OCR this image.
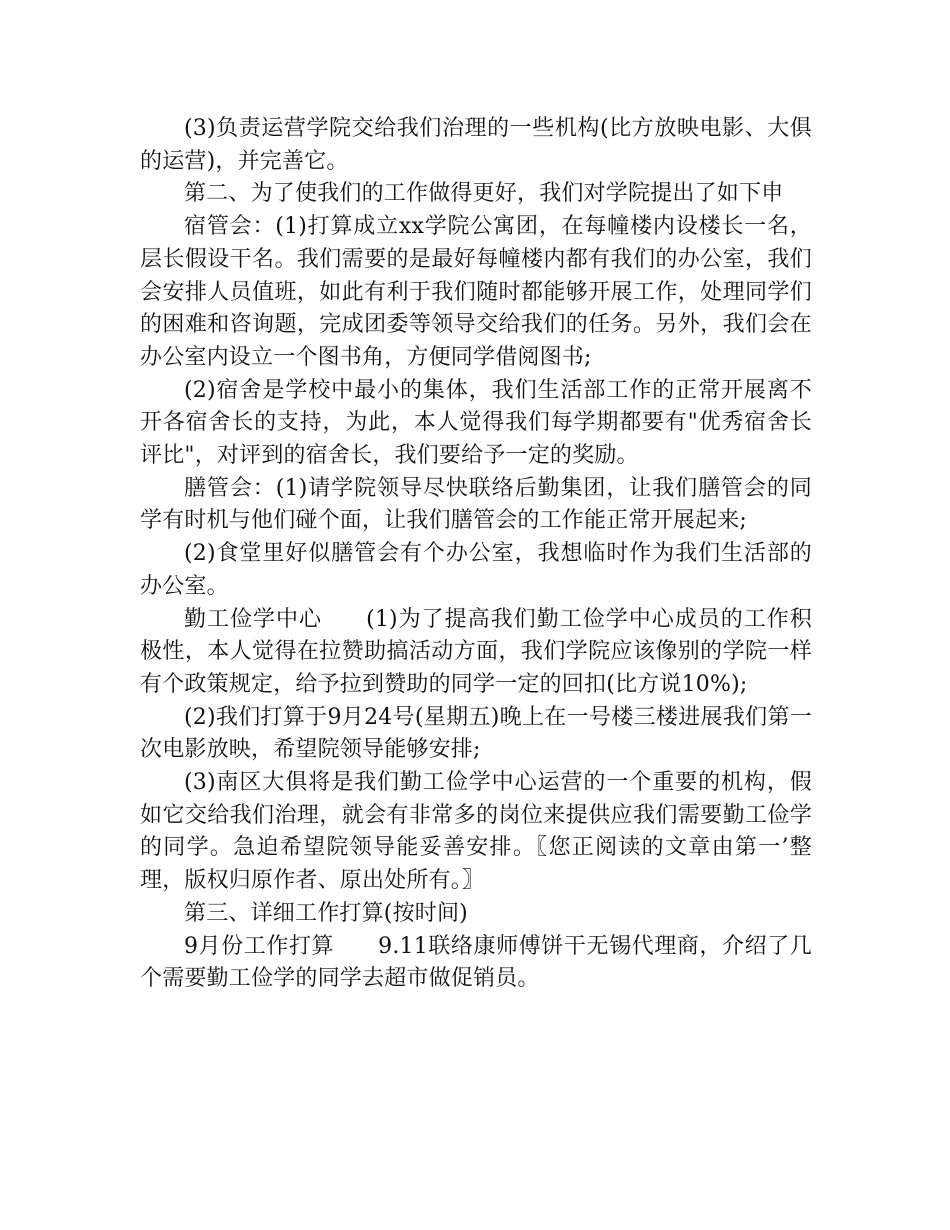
(3)负责运营学院交给我们治理的一些机构(比方放映电影、大俱的运营)，并完善它。

第二、为了使我们的工作做得更好，我们对学院提出了如下申

宿管会：(1)打算成立xx学院公寓团，在每幢楼内设楼长一名，层长假设干名。我们需要的是最好每幢楼内都有我们的办公室，我们会安排人员值班，如此有利于我们随时都能够开展工作，处理同学们的困难和咨询题，完成团委等领导交给我们的任务。另外，我们会在办公室内设立一个图书角，方便同学借阅图书;

(2)宿舍是学校中最小的集体，我们生活部工作的正常开展离不开各宿舍长的支持，为此，本人觉得我们每学期都要有"优秀宿舍长评比"，对评到的宿舍长，我们要给予一定的奖励。

膳管会：(1)请学院领导尽快联络后勤集团，让我们膳管会的同学有时机与他们碰个面，让我们膳管会的工作能正常开展起来;

(2)食堂里好似膳管会有个办公室，我想临时作为我们生活部的办公室。

勤工俭学中心 (1)为了提高我们勤工俭学中心成员的工作积极性，本人觉得在拉赞助搞活动方面，我们学院应该像别的学院一样有个政策规定，给予拉到赞助的同学一定的回扣(比方说10%);

(2)我们打算于9月24号(星期五)晚上在一号楼三楼进展我们第一次电影放映，希望院领导能够安排;

(3)南区大俱将是我们勤工俭学中心运营的一个重要的机构，假如它交给我们治理，就会有非常多的岗位来提供应我们需要勤工俭学的同学。急迫希望院领导能妥善安排。〖您正阅读的文章由第一’整理，版权归原作者、原出处所有。〗

第三、详细工作打算(按时间)

9月份工作打算 9.11联络康师傅饼干无锡代理商，介绍了几个需要勤工俭学的同学去超市做促销员。
